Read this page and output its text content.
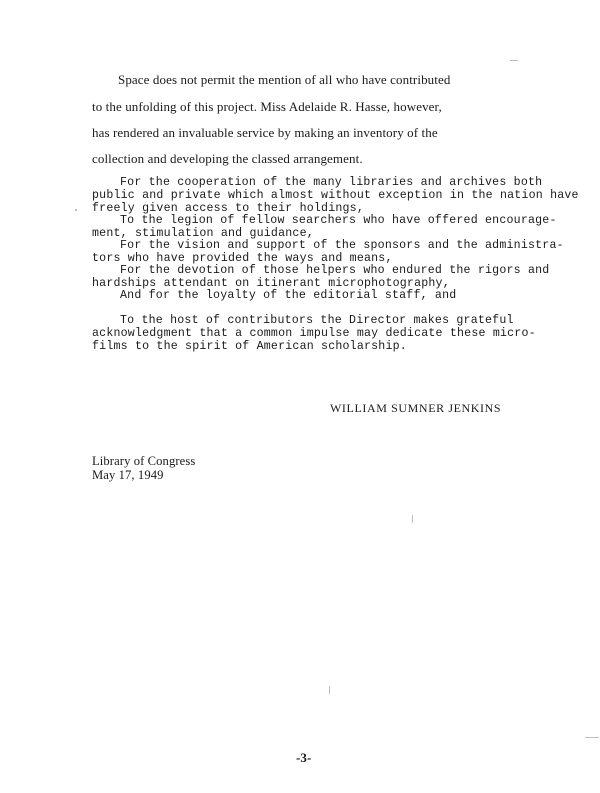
Space does not permit the mention of all who have contributed
to the unfolding of this project. Miss Adelaide R. Hasse, however,
has rendered an invaluable service by making an inventory of the
collection and developing the classed arrangement.
For the cooperation of the many libraries and archives both
public and private which almost without exception in the nation have
freely given access to their holdings,
To the legion of fellow searchers who have offered encourage-
ment, stimulation and guidance,
For the vision and support of the sponsors and the administra-
tors who have provided the ways and means,
For the devotion of those helpers who endured the rigors and
hardships attendant on itinerant microphotography,
And for the loyalty of the editorial staff, and
To the host of contributors the Director makes grateful
acknowledgment that a common impulse may dedicate these micro-
films to the spirit of American scholarship.
WILLIAM SUMNER JENKINS
Library of Congress
May 17, 1949
-3-
